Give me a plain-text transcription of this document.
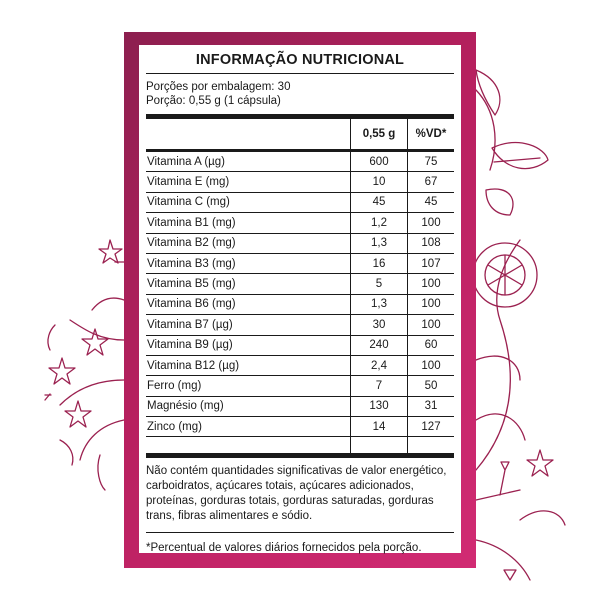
INFORMAÇÃO NUTRICIONAL
Porções por embalagem: 30
Porção: 0,55 g (1 cápsula)
	0,55 g	%VD*
Vitamina A (µg)	600	75
Vitamina E (mg)	10	67
Vitamina C (mg)	45	45
Vitamina B1 (mg)	1,2	100
Vitamina B2 (mg)	1,3	108
Vitamina B3 (mg)	16	107
Vitamina B5 (mg)	5	100
Vitamina B6 (mg)	1,3	100
Vitamina B7 (µg)	30	100
Vitamina B9 (µg)	240	60
Vitamina B12 (µg)	2,4	100
Ferro (mg)	7	50
Magnésio (mg)	130	31
Zinco (mg)	14	127

Não contém quantidades significativas de valor energético, carboidratos, açúcares totais, açúcares adicionados, proteínas, gorduras totais, gorduras saturadas, gorduras trans, fibras alimentares e sódio.
*Percentual de valores diários fornecidos pela porção.
